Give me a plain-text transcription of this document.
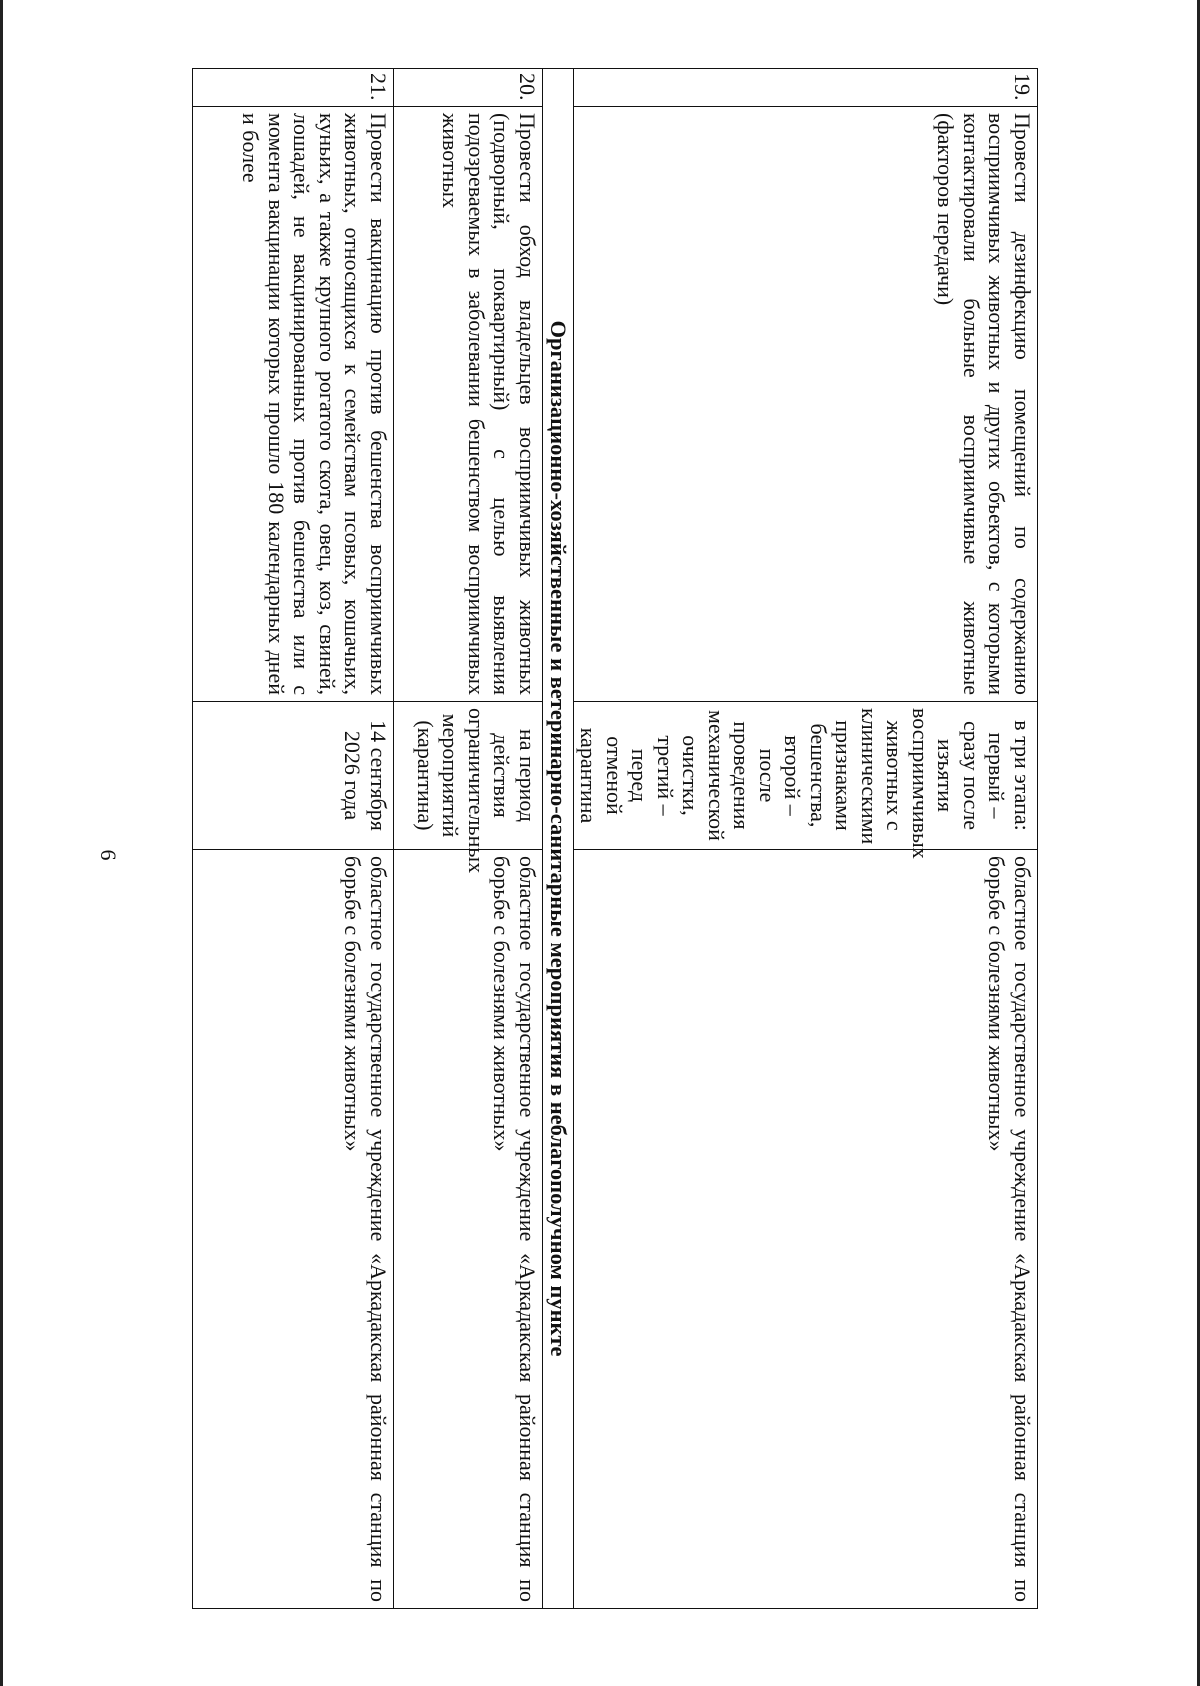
6
19.	Провести дезинфекцию помещений по содержанию восприимчивых животных и других объектов, с которыми контактировали больные восприимчивые животные (факторов передачи)	в три этапа: первый – сразу после изъятия восприимчивых животных с клиническими признаками бешенства, второй – после проведения механической очистки, третий – перед отменой карантина	областное государственное учреждение «Аркадакская районная станция по борьбе с болезнями животных»
Организационно-хозяйственные и ветеринарно-санитарные мероприятия в неблагополучном пункте			
20.	Провести обход владельцев восприимчивых животных (подворный, поквартирный) с целью выявления подозреваемых в заболевании бешенством восприимчивых животных	на период действия ограничительных мероприятий (карантина)	областное государственное учреждение «Аркадакская районная станция по борьбе с болезнями животных»
21.	Провести вакцинацию против бешенства восприимчивых животных, относящихся к семействам псовых, кошачьих, куньих, а также крупного рогатого скота, овец, коз, свиней, лошадей, не вакцинированных против бешенства или с момента вакцинации которых прошло 180 календарных дней и более	14 сентября 2026 года	областное государственное учреждение «Аркадакская районная станция по борьбе с болезнями животных»
